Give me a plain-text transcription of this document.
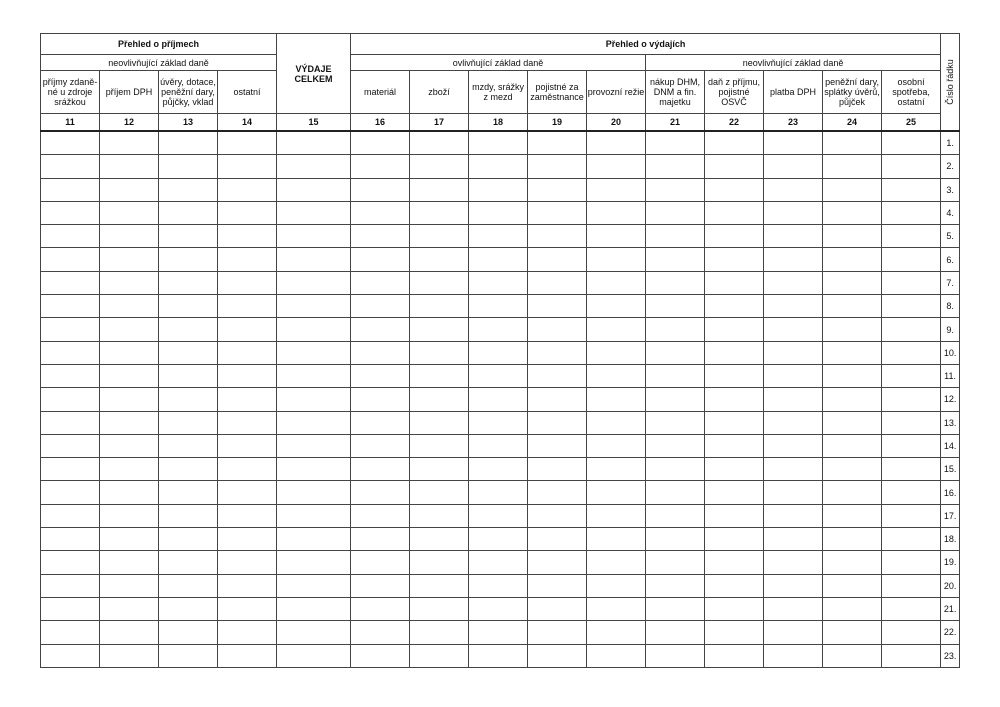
Přehled o příjmech				VÝDAJE CELKEM	Přehled o výdajích										Číslo řádku

neovlivňující základ daně					ovlivňující základ daně					neovlivňující základ daně					
příjmy zdaně-né u zdroje srážkou	příjem DPH	úvěry, dotace, peněžní dary, půjčky, vklad	ostatní		materiál	zboží	mzdy, srážky z mezd	pojistné za zaměstnance	provozní režie	nákup DHM, DNM a fin. majetku	daň z příjmu, pojistné OSVČ	platba DPH	peněžní dary, splátky úvěrů, půjček	osobní spotřeba, ostatní	
11	12	13	14	15	16	17	18	19	20	21	22	23	24	25	
															1.
															2.
															3.
															4.
															5.
															6.
															7.
															8.
															9.
															10.
															11.
															12.
															13.
															14.
															15.
															16.
															17.
															18.
															19.
															20.
															21.
															22.
															23.
